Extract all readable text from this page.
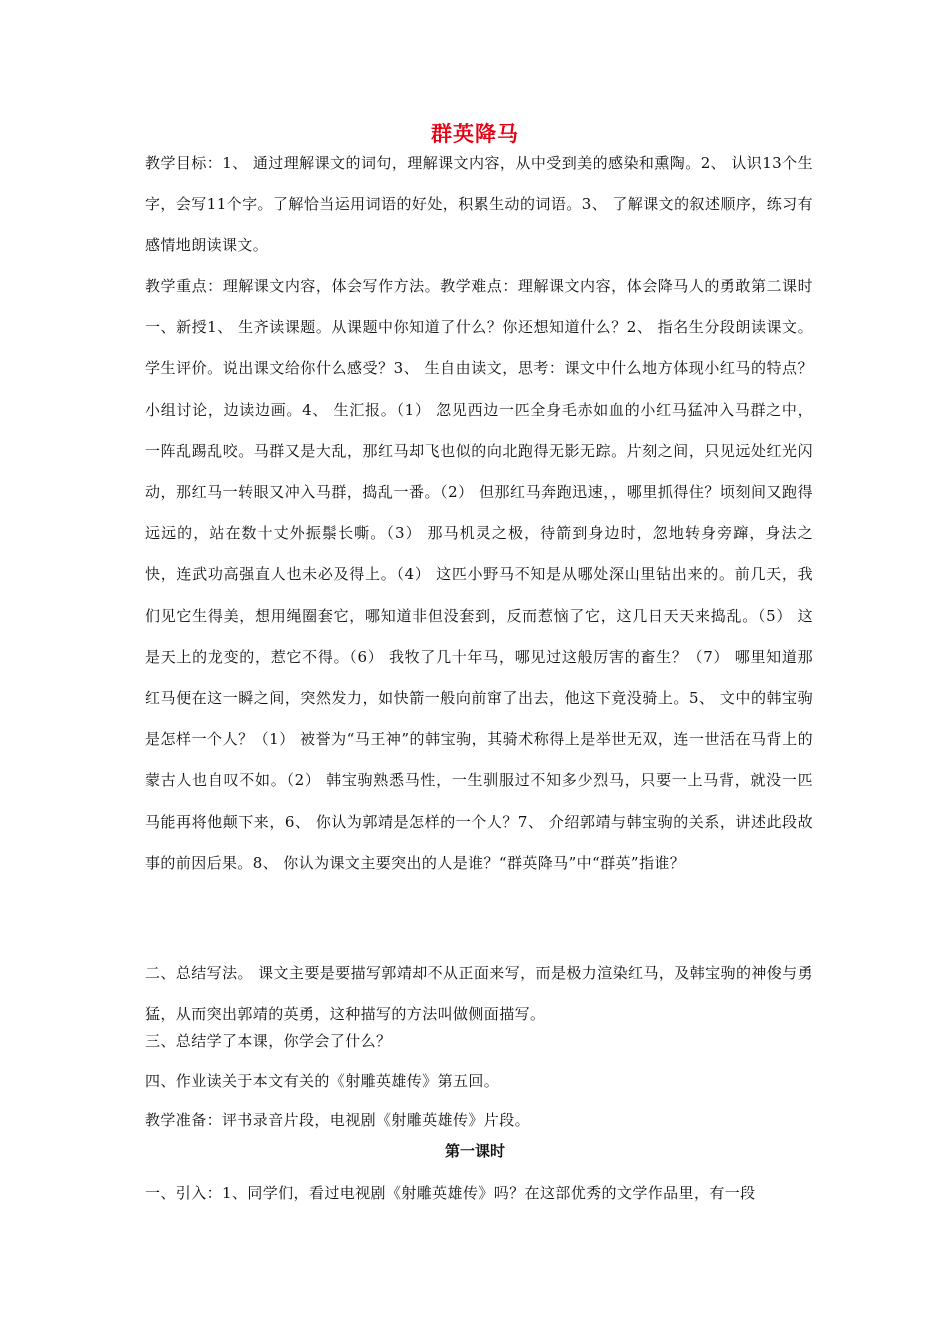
群英降马
教学目标：1、 通过理解课文的词句，理解课文内容，从中受到美的感染和熏陶。2、 认识13个生字，会写11个字。了解恰当运用词语的好处，积累生动的词语。3、 了解课文的叙述顺序，练习有感情地朗读课文。
教学重点：理解课文内容，体会写作方法。教学难点：理解课文内容，体会降马人的勇敢第二课时一、新授1、 生齐读课题。从课题中你知道了什么？你还想知道什么？2、 指名生分段朗读课文。学生评价。说出课文给你什么感受？3、 生自由读文，思考：课文中什么地方体现小红马的特点？小组讨论，边读边画。4、 生汇报。（1） 忽见西边一匹全身毛赤如血的小红马猛冲入马群之中，一阵乱踢乱咬。马群又是大乱，那红马却飞也似的向北跑得无影无踪。片刻之间，只见远处红光闪动，那红马一转眼又冲入马群，捣乱一番。（2） 但那红马奔跑迅速，，哪里抓得住？顷刻间又跑得远远的，站在数十丈外振鬃长嘶。（3） 那马机灵之极，待箭到身边时，忽地转身旁蹿，身法之快，连武功高强直人也未必及得上。（4） 这匹小野马不知是从哪处深山里钻出来的。前几天，我们见它生得美，想用绳圈套它，哪知道非但没套到，反而惹恼了它，这几日天天来捣乱。（5） 这是天上的龙变的，惹它不得。（6） 我牧了几十年马，哪见过这般厉害的畜生？（7） 哪里知道那红马便在这一瞬之间，突然发力，如快箭一般向前窜了出去，他这下竟没骑上。5、 文中的韩宝驹是怎样一个人？（1） 被誉为“马王神”的韩宝驹，其骑术称得上是举世无双，连一世活在马背上的蒙古人也自叹不如。（2） 韩宝驹熟悉马性，一生驯服过不知多少烈马，只要一上马背，就没一匹马能再将他颠下来，6、 你认为郭靖是怎样的一个人？7、 介绍郭靖与韩宝驹的关系，讲述此段故事的前因后果。8、 你认为课文主要突出的人是谁？“群英降马”中“群英”指谁？
二、总结写法。 课文主要是要描写郭靖却不从正面来写，而是极力渲染红马，及韩宝驹的神俊与勇猛，从而突出郭靖的英勇，这种描写的方法叫做侧面描写。
三、总结学了本课，你学会了什么？
四、作业读关于本文有关的《射雕英雄传》第五回。
教学准备：评书录音片段，电视剧《射雕英雄传》片段。
第一课时
一、引入：1、同学们，看过电视剧《射雕英雄传》吗？在这部优秀的文学作品里，有一段
